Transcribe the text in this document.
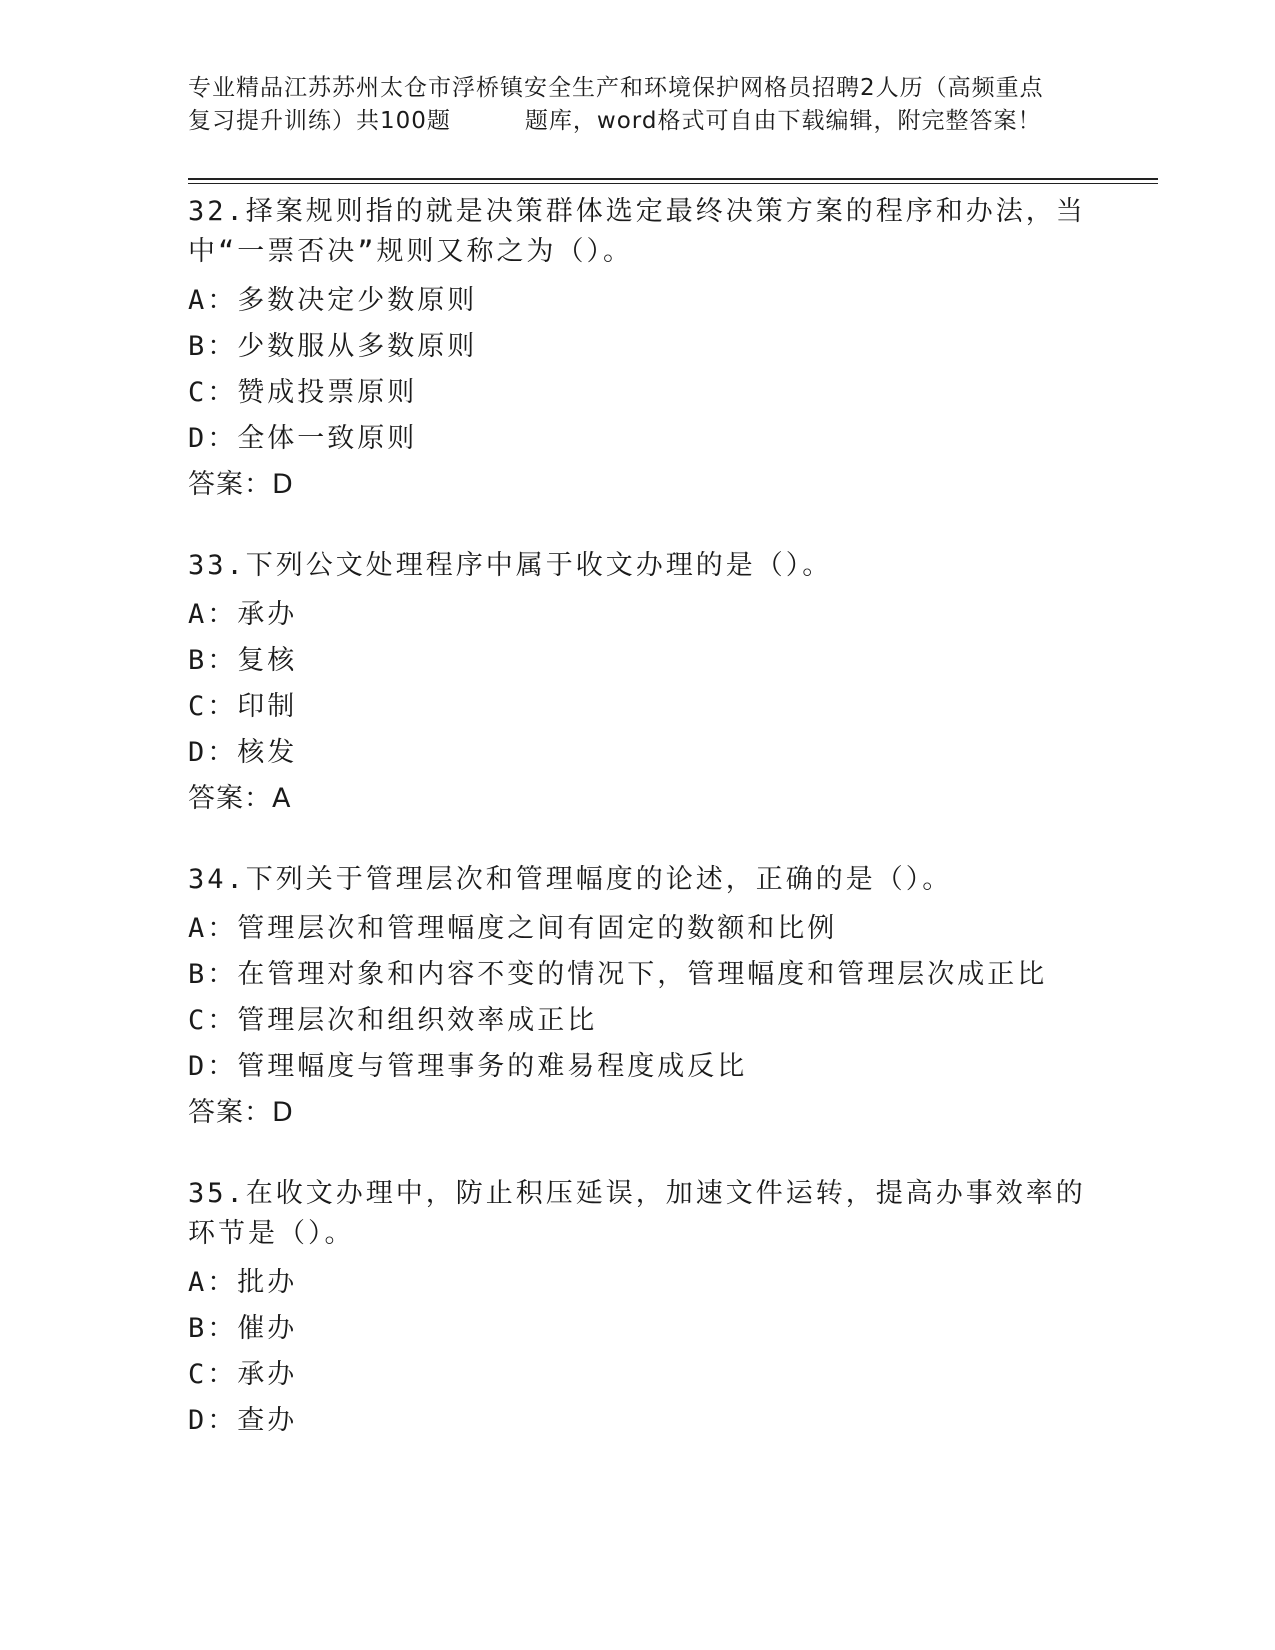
专业精品江苏苏州太仓市浮桥镇安全生产和环境保护网格员招聘2人历（高频重点
复习提升训练）共100题	题库，word格式可自由下载编辑，附完整答案！
32.择案规则指的就是决策群体选定最终决策方案的程序和办法，当中“一票否决”规则又称之为（）。
A：多数决定少数原则
B：少数服从多数原则
C：赞成投票原则
D：全体一致原则
答案：D
33.下列公文处理程序中属于收文办理的是（）。
A：承办
B：复核
C：印制
D：核发
答案：A
34.下列关于管理层次和管理幅度的论述，正确的是（）。
A：管理层次和管理幅度之间有固定的数额和比例
B：在管理对象和内容不变的情况下，管理幅度和管理层次成正比
C：管理层次和组织效率成正比
D：管理幅度与管理事务的难易程度成反比
答案：D
35.在收文办理中，防止积压延误，加速文件运转，提高办事效率的环节是（）。
A：批办
B：催办
C：承办
D：查办
